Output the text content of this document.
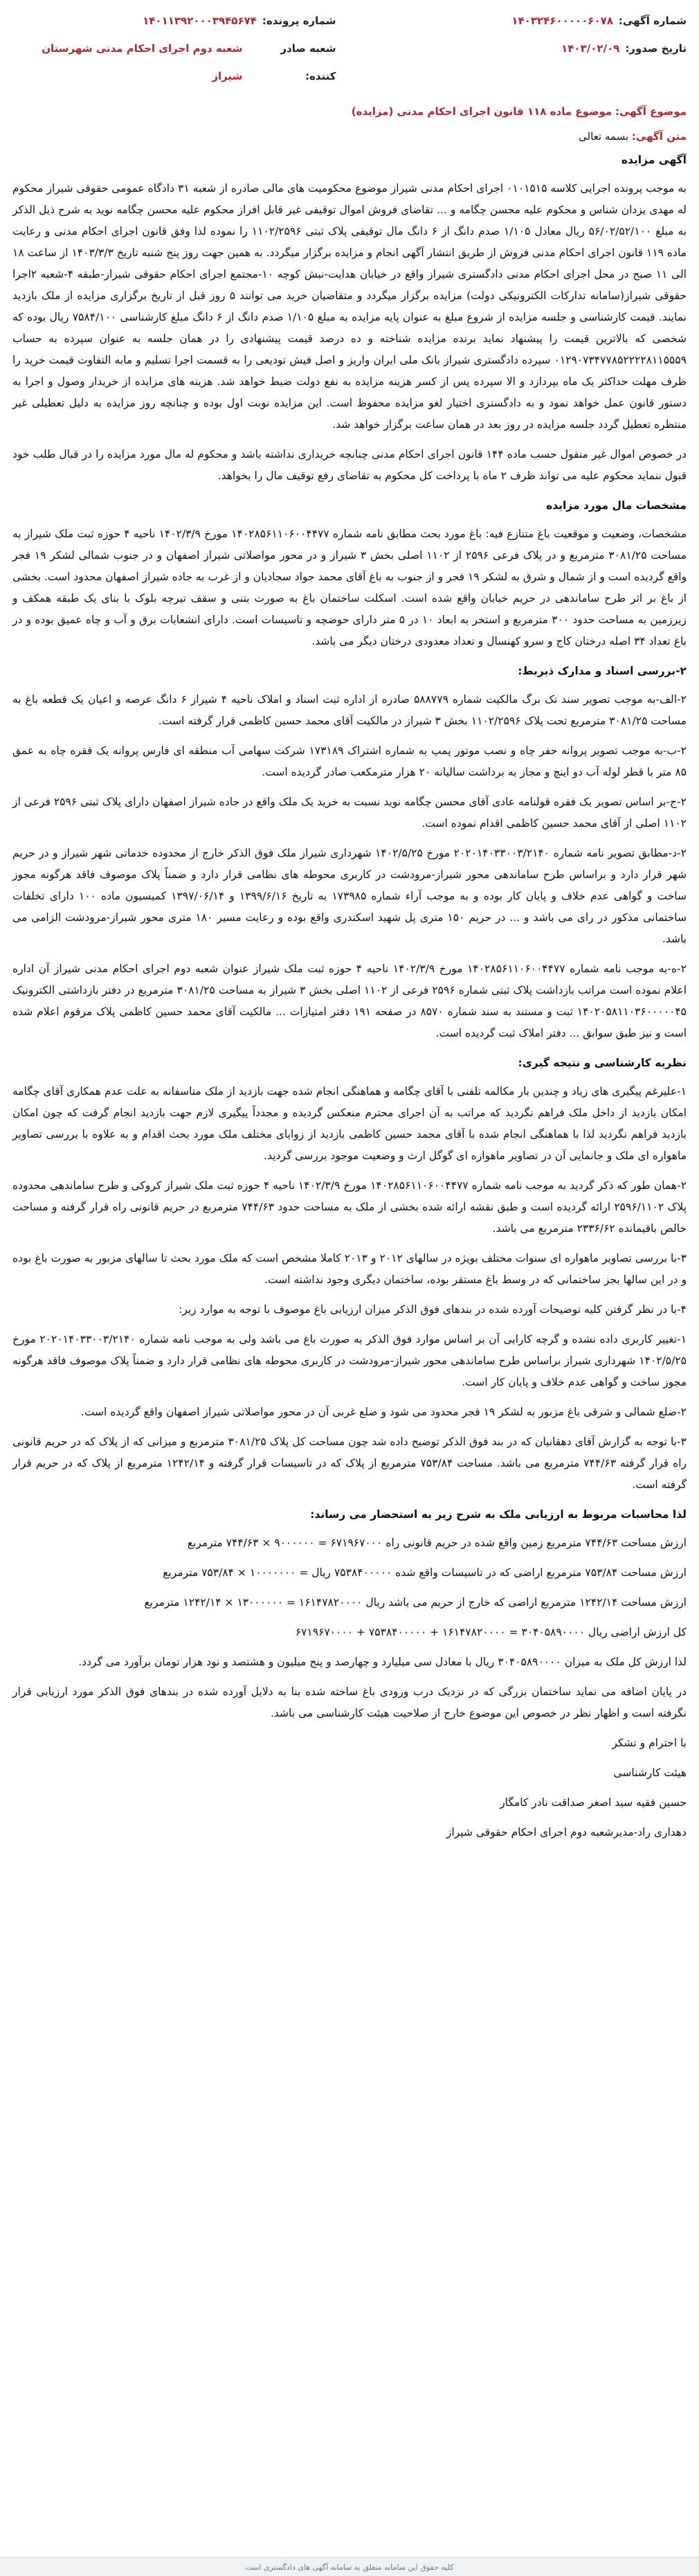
شماره آگهی:
۱۴۰۳۲۴۶۰۰۰۰۰۶۰۷۸
تاریخ صدور:
۱۴۰۳/۰۲/۰۹
شماره پرونده:
۱۴۰۱۱۳۹۲۰۰۰۳۹۴۵۶۷۴
شعبه صادر کننده:
شعبه دوم اجرای احکام مدنی شهرستان شیراز
موضوع آگهی: موضوع ماده ۱۱۸ قانون اجرای احکام مدنی (مزایده)
متن آگهی: بسمه تعالی

آگهی مزایده

به موجب پرونده اجرایی کلاسه ۰۱۰۱۵۱۵ اجرای احکام مدنی شیراز موضوع محکومیت های مالی صادره از شعبه ۳۱ دادگاه عمومی حقوقی شیراز محکوم له مهدی یزدان شناس و محکوم علیه محسن چگامه و ... تقاضای فروش اموال توقیفی غیر قابل افراز محکوم علیه محسن چگامه نوید به شرح ذیل الذکر به مبلغ ۵۶/۰۲/۵۲/۱۰۰ ریال معادل ۱/۱۰۵ صدم دانگ از ۶ دانگ مال توقیفی پلاک ثبتی ۱۱۰۲/۲۵۹۶ را نموده لذا وفق قانون اجرای احکام مدنی و رعایت ماده ۱۱۹ قانون اجرای احکام مدنی فروش از طریق انتشار آگهی انجام و مزایده برگزار میگردد. به همین جهت روز پنج شنبه تاریخ ۱۴۰۳/۳/۳ از ساعت ۱۸ الی ۱۱ صبح در محل اجرای احکام مدنی دادگستری شیراز واقع در خیابان هدایت-نبش کوچه ۱۰-مجتمع اجرای احکام حقوقی شیراز-طبقه ۴-شعبه ۲اجرا حقوقی شیراز(سامانه تدارکات الکترونیکی دولت) مزایده برگزار میگردد و متقاضیان خرید می توانند ۵ روز قبل از تاریخ برگزاری مزایده از ملک بازدید نمایند. قیمت کارشناسی و جلسه مزایده از شروع مبلغ به عنوان پایه مزایده به مبلغ ۱/۱۰۵ صدم دانگ از ۶ دانگ مبلغ کارشناسی ۷۵۸۴/۱۰۰ ریال بوده که شخصی که بالاترین قیمت را پیشنهاد نماید برنده مزایده شناخته و ده درصد قیمت پیشنهادی را در همان جلسه به عنوان سپرده به حساب ۰۱۲۹۰۷۳۴۷۷۸۵۲۲۲۲۸۱۱۵۵۵۹ سپرده دادگستری شیراز بانک ملی ایران واریز و اصل فیش تودیعی را به قسمت اجرا تسلیم و مابه التفاوت قیمت خرید را ظرف مهلت حداکثر یک ماه بپردازد و الا سپرده پس از کسر هزینه مزایده به نفع دولت ضبط خواهد شد. هزینه های مزایده از خریدار وصول و اجرا به دستور قانون عمل خواهد نمود و به دادگستری اختیار لغو مزایده محفوظ است. این مزایده نوبت اول بوده و چنانچه روز مزایده به دلیل تعطیلی غیر منتظره تعطیل گردد جلسه مزایده در روز بعد در همان ساعت برگزار خواهد شد.

در خصوص اموال غیر منقول حسب ماده ۱۴۴ قانون اجرای احکام مدنی چنانچه خریداری نداشته باشد و محکوم له مال مورد مزایده را در قبال طلب خود قبول ننماید محکوم علیه می تواند ظرف ۲ ماه با پرداخت کل محکوم به تقاضای رفع توقیف مال را بخواهد.

مشخصات مال مورد مزایده

مشخصات، وضعیت و موقعیت باغ متنازع فیه: باغ مورد بحث مطابق نامه شماره ۱۴۰۲۸۵۶۱۱۰۶۰۰۴۴۷۷ مورخ ۱۴۰۲/۳/۹ ناحیه ۴ حوزه ثبت ملک شیراز به مساحت ۳۰۸۱/۲۵ مترمربع و در پلاک فرعی ۲۵۹۶ از ۱۱۰۲ اصلی بخش ۳ شیراز و در محور مواصلاتی شیراز اصفهان و در جنوب شمالی لشکر ۱۹ فجر واقع گردیده است و از شمال و شرق به لشکر ۱۹ فجر و از جنوب به باغ آقای محمد جواد سجادیان و از غرب به جاده شیراز اصفهان محدود است. بخشی از باغ بر اثر طرح ساماندهی در حریم خیابان واقع شده است. اسکلت ساختمان باغ به صورت بتنی و سقف تیرچه بلوک با بنای یک طبقه همکف و زیرزمین به مساحت حدود ۳۰۰ مترمربع و استخر به ابعاد ۱۰ در ۵ متر دارای حوضچه و تاسیسات است. دارای انشعابات برق و آب و چاه عمیق بوده و در باغ تعداد ۳۴ اصله درختان کاج و سرو کهنسال و تعداد معدودی درختان دیگر می باشد.

۲-بررسی اسناد و مدارک ذیربط:

۲-الف-به موجب تصویر سند تک برگ مالکیت شماره ۵۸۸۷۷۹ صادره از اداره ثبت اسناد و املاک ناحیه ۴ شیراز ۶ دانگ عرصه و اعیان یک قطعه باغ به مساحت ۳۰۸۱/۲۵ مترمربع تحت پلاک ۱۱۰۲/۲۵۹۶ بخش ۳ شیراز در مالکیت آقای محمد حسین کاظمی قرار گرفته است.

۲-ب-به موجب تصویر پروانه حفر چاه و نصب موتور پمپ به شماره اشتراک ۱۷۳۱۸۹ شرکت سهامی آب منطقه ای فارس پروانه یک فقره چاه به عمق ۸۵ متر با قطر لوله آب دو اینچ و مجاز به برداشت سالیانه ۲۰ هزار مترمکعب صادر گردیده است.

۲-ج-بر اساس تصویر یک فقره قولنامه عادی آقای محسن چگامه نوید نسبت به خرید یک ملک واقع در جاده شیراز اصفهان دارای پلاک ثبتی ۲۵۹۶ فرعی از ۱۱۰۲ اصلی از آقای محمد حسین کاظمی اقدام نموده است.

۲-د-مطابق تصویر نامه شماره ۲۰۲۰۱۴۰۳۳۰۰۳/۲۱۴۰ مورخ ۱۴۰۲/۵/۲۵ شهرداری شیراز ملک فوق الذکر خارج از محدوده خدماتی شهر شیراز و در حریم شهر قرار دارد و براساس طرح ساماندهی محور شیراز-مرودشت در کاربری محوطه های نظامی قرار دارد و ضمناً پلاک موصوف فاقد هرگونه مجوز ساخت و گواهی عدم خلاف و پایان کار بوده و به موجب آراء شماره ۱۷۳۹۸۵ به تاریخ ۱۳۹۹/۶/۱۶ و ۱۳۹۷/۰۶/۱۴ کمیسیون ماده ۱۰۰ دارای تخلفات ساختمانی مذکور در رای می باشد و ... در حریم ۱۵۰ متری پل شهید اسکندری واقع بوده و رعایت مسیر ۱۸۰ متری محور شیراز-مرودشت الزامی می باشد.

۲-ه-به موجب نامه شماره ۱۴۰۲۸۵۶۱۱۰۶۰۰۴۴۷۷ مورخ ۱۴۰۲/۳/۹ ناحیه ۴ حوزه ثبت ملک شیراز عنوان شعبه دوم اجرای احکام مدنی شیراز آن اداره اعلام نموده است مراتب بازداشت پلاک ثبتی شماره ۲۵۹۶ فرعی از ۱۱۰۲ اصلی بخش ۳ شیراز به مساحت ۳۰۸۱/۲۵ مترمربع در دفتر بازداشتی الکترونیک ۱۴۰۲۰۵۸۱۱۰۳۶۰۰۰۰۰۴۵ ثبت و مستند به سند شماره ۸۵۷۰ در صفحه ۱۹۱ دفتر امتیازات ... مالکیت آقای محمد حسین کاظمی پلاک مرقوم اعلام شده است و نیز طبق سوابق ... دفتر املاک ثبت گردیده است.

نظریه کارشناسی و نتیجه گیری:

۱-علیرغم پیگیری های زیاد و چندین بار مکالمه تلفنی با آقای چگامه و هماهنگی انجام شده جهت بازدید از ملک متاسفانه به علت عدم همکاری آقای چگامه امکان بازدید از داخل ملک فراهم نگردید که مراتب به آن اجرای محترم منعکس گردیده و مجدداً پیگیری لازم جهت بازدید انجام گرفت که چون امکان بازدید فراهم نگردید لذا با هماهنگی انجام شده با آقای محمد حسین کاظمی بازدید از زوایای مختلف ملک مورد بحث اقدام و به علاوه با بررسی تصاویر ماهواره ای ملک و جانمایی آن در تصاویر ماهواره ای گوگل ارث و وضعیت موجود بررسی گردید.

۲-همان طور که ذکر گردید به موجب نامه شماره ۱۴۰۲۸۵۶۱۱۰۶۰۰۴۴۷۷ مورخ ۱۴۰۲/۳/۹ ناحیه ۴ حوزه ثبت ملک شیراز کروکی و طرح ساماندهی محدوده پلاک ۲۵۹۶/۱۱۰۲ ارائه گردیده است و طبق نقشه ارائه شده بخشی از ملک به مساحت حدود ۷۴۴/۶۳ مترمربع در حریم قانونی راه قرار گرفته و مساحت خالص باقیمانده ۲۳۳۶/۶۲ مترمربع می باشد.

۳-با بررسی تصاویر ماهواره ای سنوات مختلف بویژه در سالهای ۲۰۱۲ و ۲۰۱۳ کاملا مشخص است که ملک مورد بحث تا سالهای مزبور به صورت باغ بوده و در این سالها بجز ساختمانی که در وسط باغ مستقر بوده، ساختمان دیگری وجود نداشته است.

۴-با در نظر گرفتن کلیه توضیحات آورده شده در بندهای فوق الذکر میزان ارزیابی باغ موصوف با توجه به موارد زیر:

۱-تغییر کاربری داده نشده و گرچه کارایی آن بر اساس موارد فوق الذکر به صورت باغ می باشد ولی به موجب نامه شماره ۲۰۲۰۱۴۰۳۳۰۰۳/۲۱۴۰ مورخ ۱۴۰۲/۵/۲۵ شهرداری شیراز براساس طرح ساماندهی محور شیراز-مرودشت در کاربری محوطه های نظامی قرار دارد و ضمناً پلاک موصوف فاقد هرگونه مجوز ساخت و گواهی عدم خلاف و پایان کار است.

۲-ضلع شمالی و شرقی باغ مزبور به لشکر ۱۹ فجر محدود می شود و ضلع غربی آن در محور مواصلاتی شیراز اصفهان واقع گردیده است.

۳-با توجه به گزارش آقای دهقانیان که در بند فوق الذکر توضیح داده شد چون مساحت کل پلاک ۳۰۸۱/۲۵ مترمربع و میزانی که از پلاک که در حریم قانونی راه قرار گرفته ۷۴۴/۶۳ مترمربع می باشد. مساحت ۷۵۳/۸۴ مترمربع از پلاک که در تاسیسات قرار گرفته و ۱۲۴۲/۱۴ مترمربع از پلاک که در حریم قرار گرفته است.

لذا محاسبات مربوط به ارزیابی ملک به شرح زیر به استحضار می رساند:

ارزش مساحت ۷۴۴/۶۳ مترمربع زمین واقع شده در حریم قانونی راه ۶۷۱۹۶۷۰۰۰ = ۹۰۰۰۰۰۰ × ۷۴۴/۶۳ مترمربع

ارزش مساحت ۷۵۳/۸۴ مترمربع اراضی که در تاسیسات واقع شده ۷۵۳۸۴۰۰۰۰۰ ریال = ۱۰۰۰۰۰۰۰ × ۷۵۳/۸۴ مترمربع

ارزش مساحت ۱۲۴۲/۱۴ مترمربع اراضی که خارج از حریم می باشد ریال ۱۶۱۴۷۸۲۰۰۰۰ = ۱۳۰۰۰۰۰۰ × ۱۲۴۲/۱۴ مترمربع

کل ارزش اراضی ریال ۳۰۴۰۵۸۹۰۰۰۰ = ۱۶۱۴۷۸۲۰۰۰۰ + ۷۵۳۸۴۰۰۰۰۰ + ۶۷۱۹۶۷۰۰۰۰

لذا ارزش کل ملک به میزان ۳۰۴۰۵۸۹۰۰۰۰ ریال با معادل سی میلیارد و چهارصد و پنج میلیون و هشتصد و نود هزار تومان برآورد می گردد.

در پایان اضافه می نماید ساختمان بزرگی که در نزدیک درب ورودی باغ ساخته شده بنا به دلایل آورده شده در بندهای فوق الذکر مورد ارزیابی قرار نگرفته است و اظهار نظر در خصوص این موضوع خارج از صلاحیت هیئت کارشناسی می باشد.

با احترام و تشکر

هیئت کارشناسی

حسین فقیه سید اصغر صداقت نادر کامگار

دهداری راد-مدیرشعبه دوم اجرای احکام حقوقی شیراز

کلیه حقوق این سامانه متعلق به سامانه آگهی های دادگستری است
